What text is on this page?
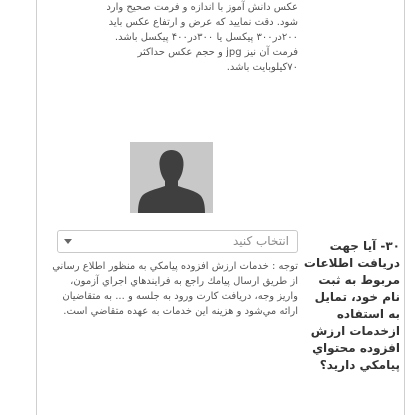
عکس دانش آموز با اندازه و فرمت صحیح وارد

شود. دقت نمایید که عرض و ارتفاع عکس باید

۲۰۰در۳۰۰ پیکسل یا ۳۰۰در۴۰۰ پیکسل باشد.

فرمت آن نیز jpg و حجم عکس حداکثر

۷۰کیلوبایت باشد.

۳۰- آیا جهت دریافت اطلاعات مربوط به ثبت نام خود، تمایل به استفاده ازخدمات ارزش افزوده محتواي پيامكي داريد؟
انتخاب کنید
توجه : خدمات ارزش افزوده پيامكي به منظور اطلاع رساني از طريق ارسال پيامك راجع به فرايندهاي اجراي آزمون، واريز وجه، دريافت كارت ورود به جلسه و ... به متقاضيان ارائه مي‌شود و هزينه اين خدمات به عهده متقاضي است.
